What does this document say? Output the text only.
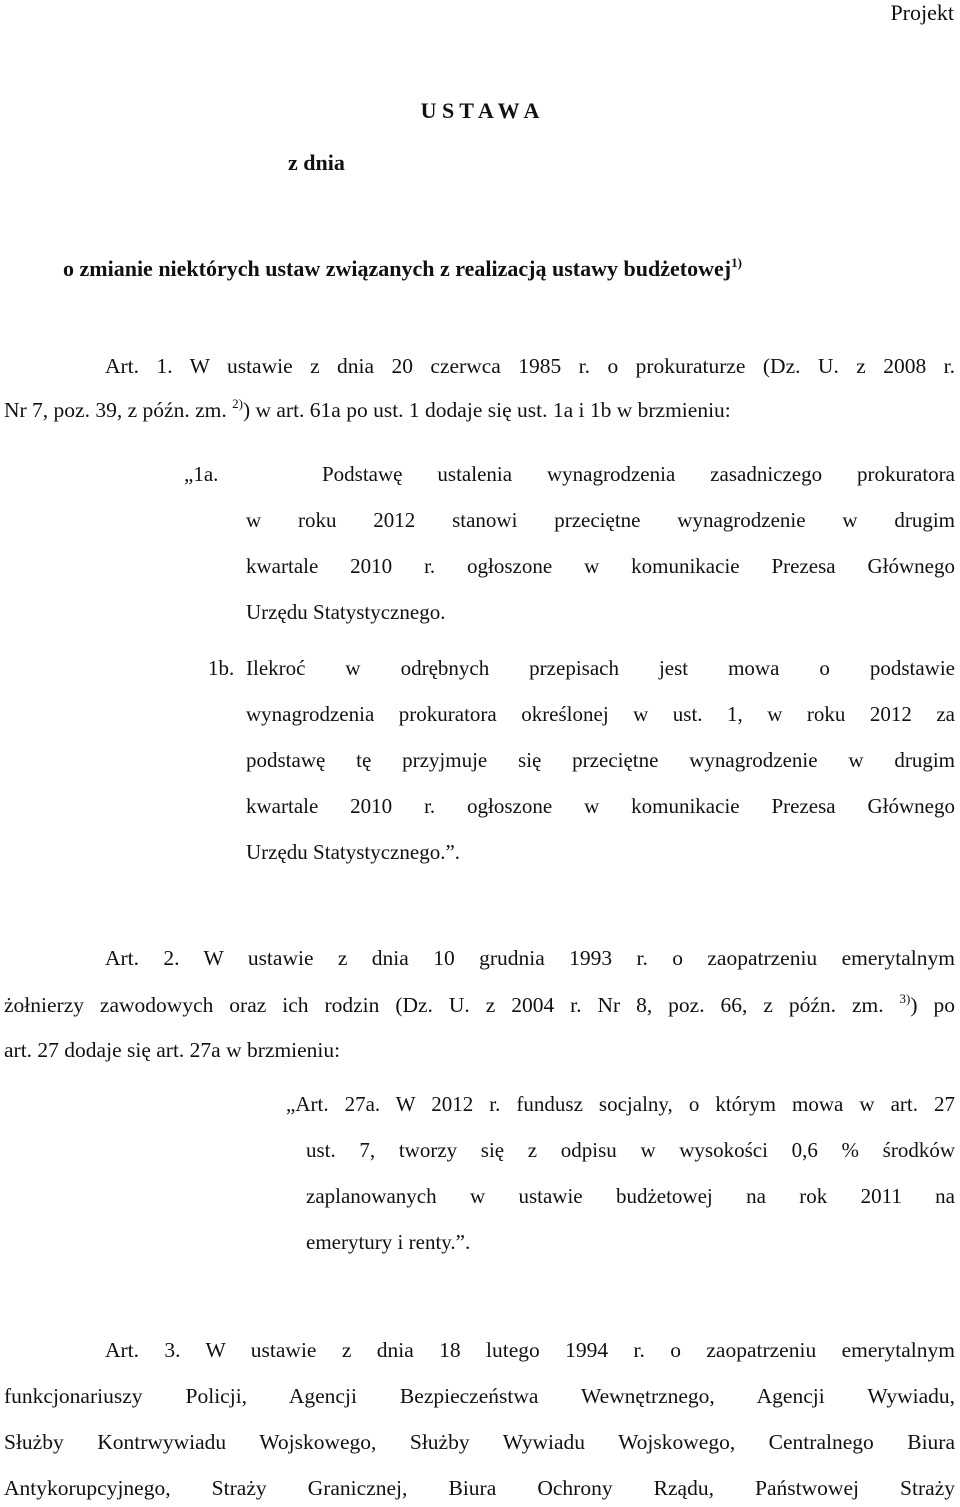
Projekt
U S T A W A
z dnia
o zmianie niektórych ustaw związanych z realizacją ustawy budżetowej$^{1)}$
Art. 1. W ustawie z dnia 20 czerwca 1985 r. o prokuraturze (Dz. U. z 2008 r.
Nr 7, poz. 39, z późn. zm. $^{2)}$) w art. 61a po ust. 1 dodaje się ust. 1a i 1b w brzmieniu:
„1a.	Podstawę ustalenia wynagrodzenia zasadniczego prokuratora
w roku 2012 stanowi przeciętne wynagrodzenie w drugim
kwartale 2010 r. ogłoszone w komunikacie Prezesa Głównego
Urzędu Statystycznego.
1b. Ilekroć w odrębnych przepisach jest mowa o podstawie
wynagrodzenia prokuratora określonej w ust. 1, w roku 2012 za
podstawę tę przyjmuje się przeciętne wynagrodzenie w drugim
kwartale 2010 r. ogłoszone w komunikacie Prezesa Głównego
Urzędu Statystycznego.”.
Art. 2. W ustawie z dnia 10 grudnia 1993 r. o zaopatrzeniu emerytalnym
żołnierzy zawodowych oraz ich rodzin (Dz. U. z 2004 r. Nr 8, poz. 66, z późn. zm. $^{3)}$) po
art. 27 dodaje się art. 27a w brzmieniu:
„Art. 27a. W 2012 r. fundusz socjalny, o którym mowa w art. 27
ust. 7, tworzy się z odpisu w wysokości 0,6 % środków
zaplanowanych w ustawie budżetowej na rok 2011 na
emerytury i renty.”.
Art. 3. W ustawie z dnia 18 lutego 1994 r. o zaopatrzeniu emerytalnym
funkcjonariuszy Policji, Agencji Bezpieczeństwa Wewnętrznego, Agencji Wywiadu,
Służby Kontrwywiadu Wojskowego, Służby Wywiadu Wojskowego, Centralnego Biura
Antykorupcyjnego, Straży Granicznej, Biura Ochrony Rządu, Państwowej Straży
